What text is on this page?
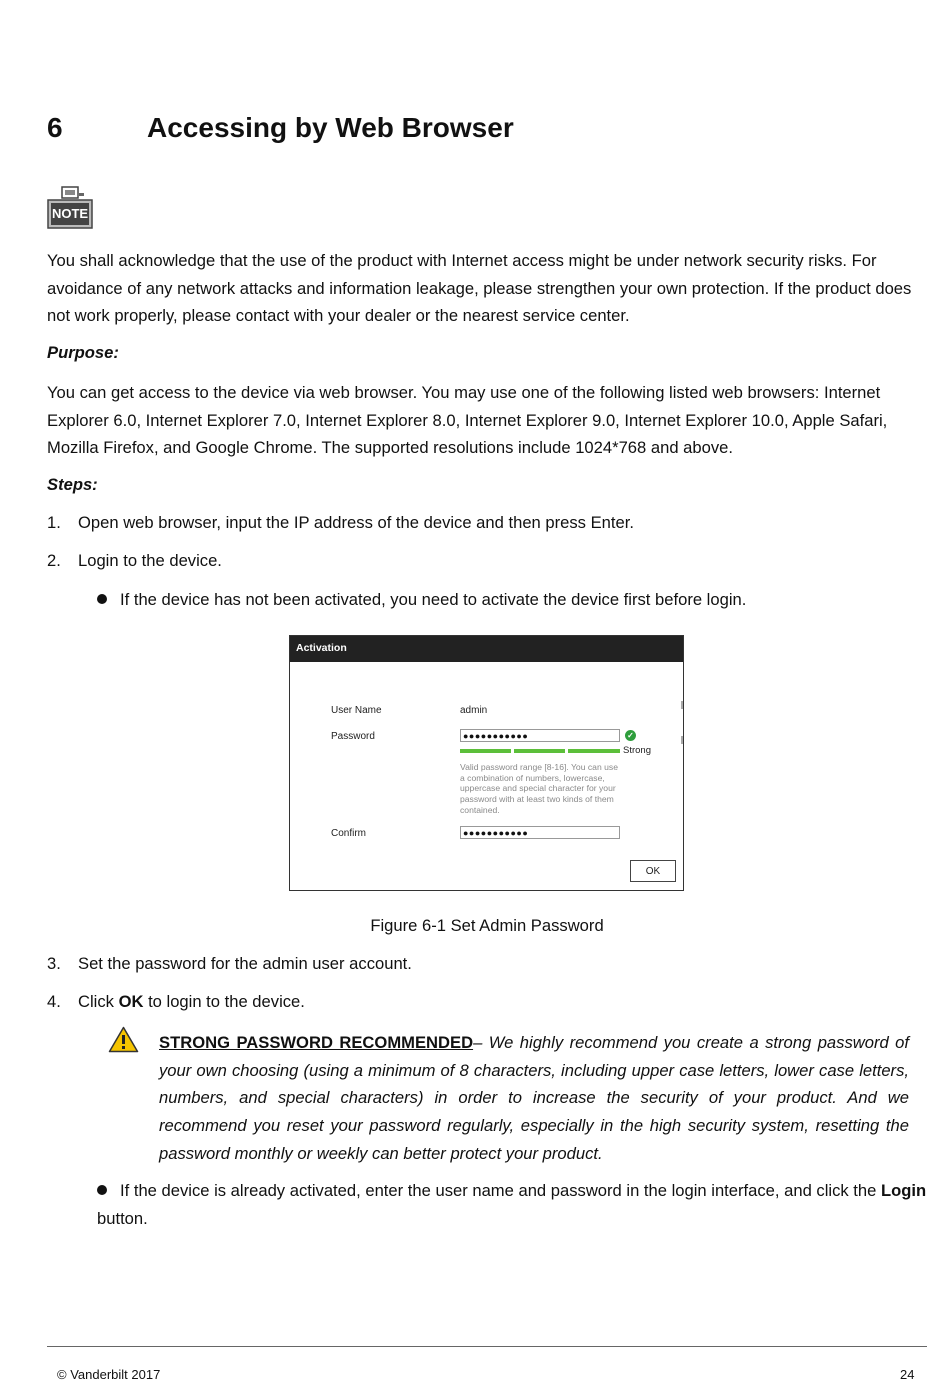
6	Accessing by Web Browser
NOTE
You shall acknowledge that the use of the product with Internet access might be under network security risks. For avoidance of any network attacks and information leakage, please strengthen your own protection. If the product does not work properly, please contact with your dealer or the nearest service center.
Purpose:
You can get access to the device via web browser. You may use one of the following listed web browsers: Internet Explorer 6.0, Internet Explorer 7.0, Internet Explorer 8.0, Internet Explorer 9.0, Internet Explorer 10.0, Apple Safari, Mozilla Firefox, and Google Chrome. The supported resolutions include 1024*768 and above.
Steps:
1. Open web browser, input the IP address of the device and then press Enter.
2. Login to the device.
If the device has not been activated, you need to activate the device first before login.
Activation
User Name	admin
Password	●●●●●●●●●●●	✓
Strong
Valid password range [8-16]. You can use a combination of numbers, lowercase, uppercase and special character for your password with at least two kinds of them contained.
Confirm	●●●●●●●●●●●
OK
Figure 6-1 Set Admin Password
3. Set the password for the admin user account.
4. Click OK to login to the device.
STRONG PASSWORD RECOMMENDED– We highly recommend you create a strong password of your own choosing (using a minimum of 8 characters, including upper case letters, lower case letters, numbers, and special characters) in order to increase the security of your product. And we recommend you reset your password regularly, especially in the high security system, resetting the password monthly or weekly can better protect your product.
If the device is already activated, enter the user name and password in the login interface, and click the Login button.
© Vanderbilt 2017	24
